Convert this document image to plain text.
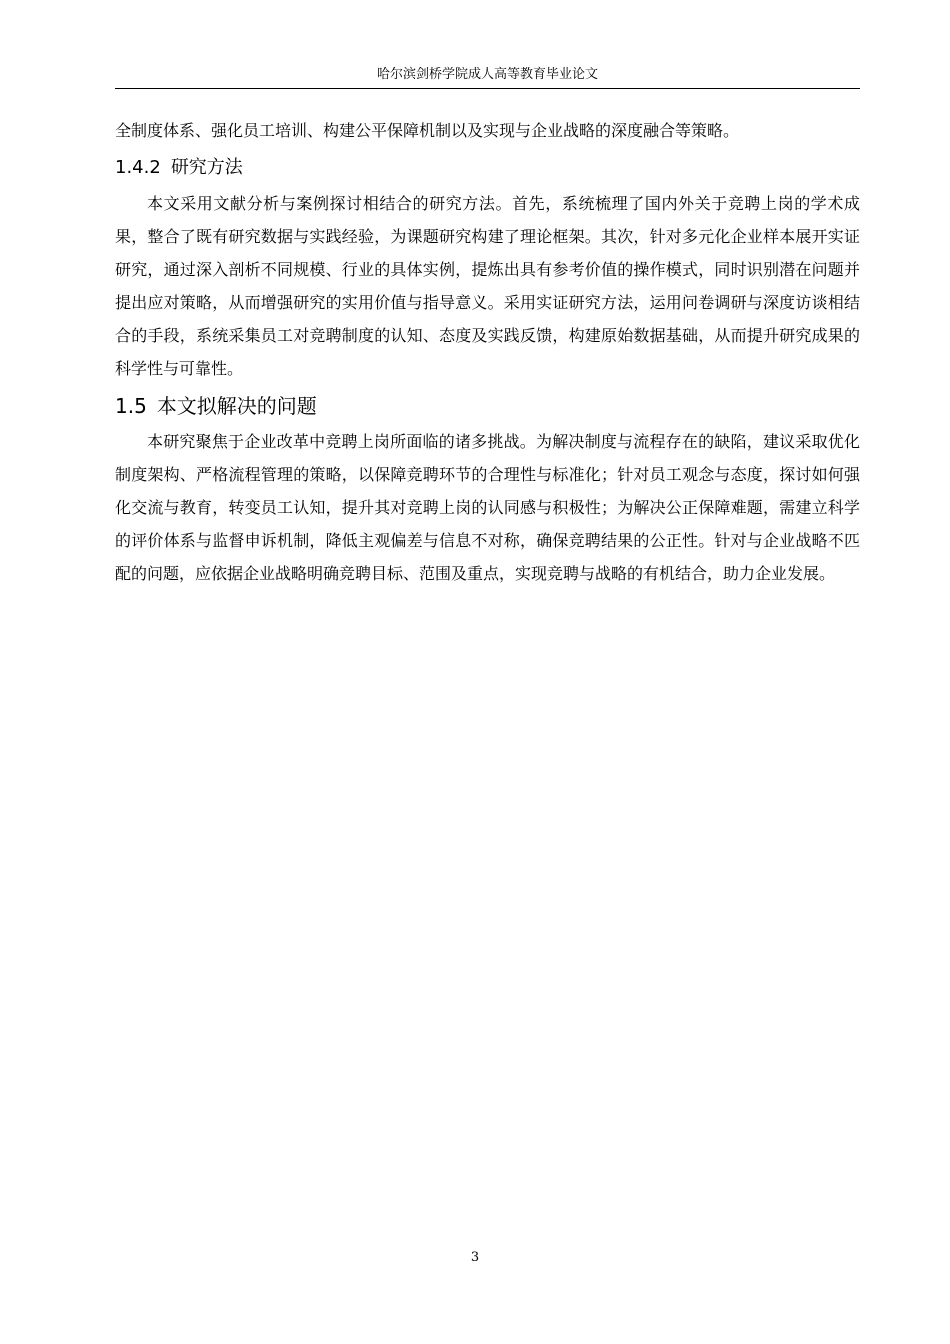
哈尔滨剑桥学院成人高等教育毕业论文

全制度体系、强化员工培训、构建公平保障机制以及实现与企业战略的深度融合等策略。

1.4.2 研究方法

本文采用文献分析与案例探讨相结合的研究方法。首先，系统梳理了国内外关于竞聘上岗的学术成果，整合了既有研究数据与实践经验，为课题研究构建了理论框架。其次，针对多元化企业样本展开实证研究，通过深入剖析不同规模、行业的具体实例，提炼出具有参考价值的操作模式，同时识别潜在问题并提出应对策略，从而增强研究的实用价值与指导意义。采用实证研究方法，运用问卷调研与深度访谈相结合的手段，系统采集员工对竞聘制度的认知、态度及实践反馈，构建原始数据基础，从而提升研究成果的科学性与可靠性。

1.5 本文拟解决的问题

本研究聚焦于企业改革中竞聘上岗所面临的诸多挑战。为解决制度与流程存在的缺陷，建议采取优化制度架构、严格流程管理的策略，以保障竞聘环节的合理性与标准化；针对员工观念与态度，探讨如何强化交流与教育，转变员工认知，提升其对竞聘上岗的认同感与积极性；为解决公正保障难题，需建立科学的评价体系与监督申诉机制，降低主观偏差与信息不对称，确保竞聘结果的公正性。针对与企业战略不匹配的问题，应依据企业战略明确竞聘目标、范围及重点，实现竞聘与战略的有机结合，助力企业发展。

3
